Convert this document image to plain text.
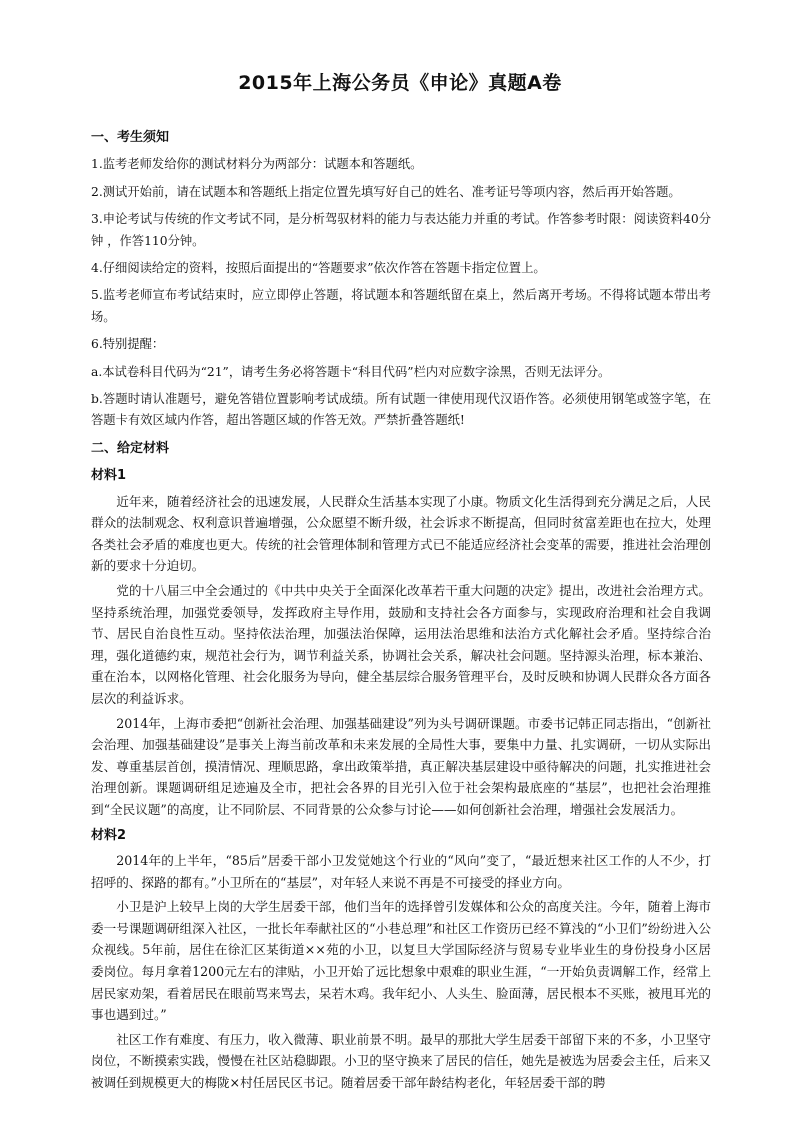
2015年上海公务员《申论》真题A卷
一、考生须知

1.监考老师发给你的测试材料分为两部分：试题本和答题纸。

2.测试开始前，请在试题本和答题纸上指定位置先填写好自己的姓名、准考证号等项内容，然后再开始答题。

3.申论考试与传统的作文考试不同，是分析驾驭材料的能力与表达能力并重的考试。作答参考时限：阅读资料40分钟 ，作答110分钟。

4.仔细阅读给定的资料，按照后面提出的“答题要求”依次作答在答题卡指定位置上。

5.监考老师宣布考试结束时，应立即停止答题，将试题本和答题纸留在桌上，然后离开考场。不得将试题本带出考场。

6.特别提醒：

a.本试卷科目代码为“21”，请考生务必将答题卡“科目代码”栏内对应数字涂黑，否则无法评分。

b.答题时请认准题号，避免答错位置影响考试成绩。所有试题一律使用现代汉语作答。必须使用钢笔或签字笔，在答题卡有效区域内作答，超出答题区域的作答无效。严禁折叠答题纸!

二、给定材料
材料1

近年来，随着经济社会的迅速发展，人民群众生活基本实现了小康。物质文化生活得到充分满足之后，人民群众的法制观念、权利意识普遍增强，公众愿望不断升级，社会诉求不断提高，但同时贫富差距也在拉大，处理各类社会矛盾的难度也更大。传统的社会管理体制和管理方式已不能适应经济社会变革的需要，推进社会治理创新的要求十分迫切。

党的十八届三中全会通过的《中共中央关于全面深化改革若干重大问题的决定》提出，改进社会治理方式。坚持系统治理，加强党委领导，发挥政府主导作用，鼓励和支持社会各方面参与，实现政府治理和社会自我调节、居民自治良性互动。坚持依法治理，加强法治保障，运用法治思维和法治方式化解社会矛盾。坚持综合治理，强化道德约束，规范社会行为，调节利益关系，协调社会关系，解决社会问题。坚持源头治理，标本兼治、重在治本，以网格化管理、社会化服务为导向，健全基层综合服务管理平台，及时反映和协调人民群众各方面各层次的利益诉求。

2014年，上海市委把“创新社会治理、加强基础建设”列为头号调研课题。市委书记韩正同志指出，“创新社会治理、加强基础建设”是事关上海当前改革和未来发展的全局性大事，要集中力量、扎实调研，一切从实际出发、尊重基层首创，摸清情况、理顺思路，拿出政策举措，真正解决基层建设中亟待解决的问题，扎实推进社会治理创新。课题调研组足迹遍及全市，把社会各界的目光引入位于社会架构最底座的“基层”，也把社会治理推到“全民议题”的高度，让不同阶层、不同背景的公众参与讨论——如何创新社会治理，增强社会发展活力。

材料2

2014年的上半年，“85后”居委干部小卫发觉她这个行业的“风向”变了，“最近想来社区工作的人不少，打招呼的、探路的都有。”小卫所在的“基层”，对年轻人来说不再是不可接受的择业方向。

小卫是沪上较早上岗的大学生居委干部，他们当年的选择曾引发媒体和公众的高度关注。今年，随着上海市委一号课题调研组深入社区，一批长年奉献社区的“小巷总理”和社区工作资历已经不算浅的“小卫们”纷纷进入公众视线。5年前，居住在徐汇区某街道××苑的小卫，以复旦大学国际经济与贸易专业毕业生的身份投身小区居委岗位。每月拿着1200元左右的津贴，小卫开始了远比想象中艰难的职业生涯，“一开始负责调解工作，经常上居民家劝架，看着居民在眼前骂来骂去，呆若木鸡。我年纪小、人头生、脸面薄，居民根本不买账，被甩耳光的事也遇到过。”

社区工作有难度、有压力，收入微薄、职业前景不明。最早的那批大学生居委干部留下来的不多，小卫坚守岗位，不断摸索实践，慢慢在社区站稳脚跟。小卫的坚守换来了居民的信任，她先是被选为居委会主任，后来又被调任到规模更大的梅陇×村任居民区书记。随着居委干部年龄结构老化，年轻居委干部的聘
